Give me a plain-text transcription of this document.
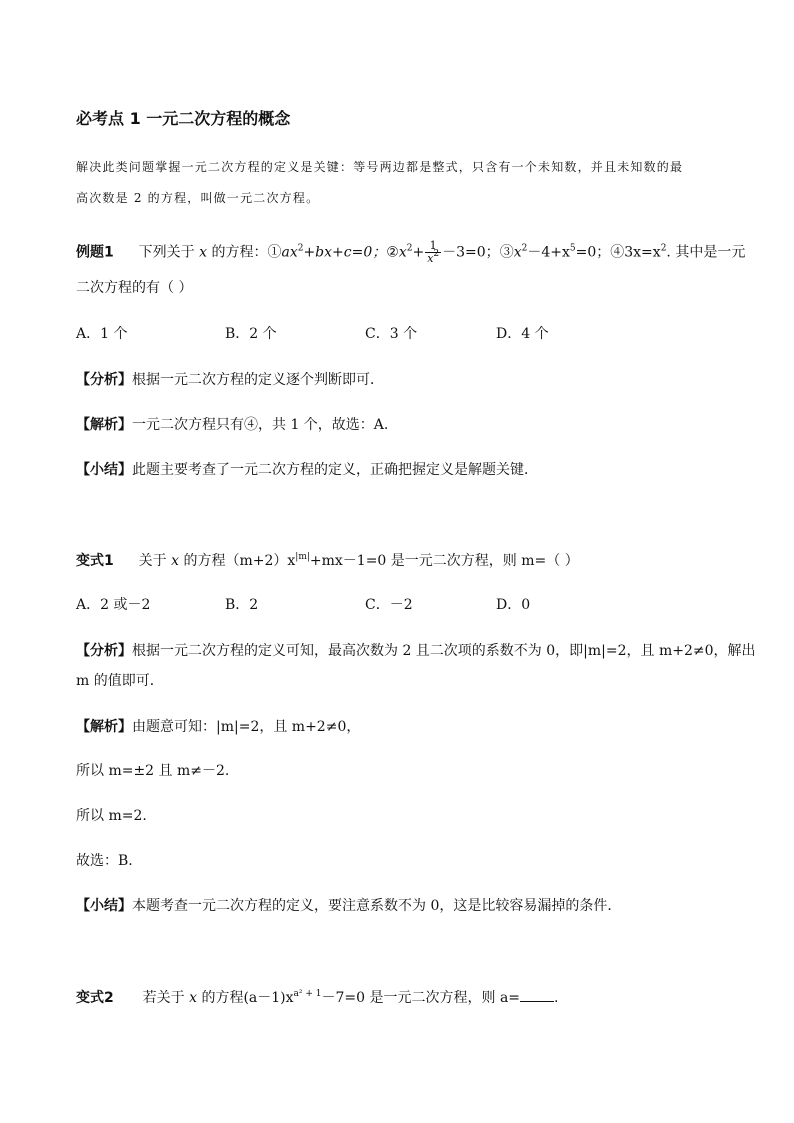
必考点 1 一元二次方程的概念
解决此类问题掌握一元二次方程的定义是关键：等号两边都是整式，只含有一个未知数，并且未知数的最
高次数是 2 的方程，叫做一元二次方程。
例题1 下列关于 x 的方程：$①ax^2+bx+c=0$；$②x^2+ \frac{1}{x^2} -3=0$；$③x^2-4+x^5=0$；$④3x=x^2$. 其中是一元
二次方程的有（ ）
A．1 个	B．2 个	C．3 个	D．4 个
【分析】根据一元二次方程的定义逐个判断即可．
【解析】一元二次方程只有④，共 1 个，故选：A.
【小结】此题主要考查了一元二次方程的定义，正确把握定义是解题关键．
变式1 关于 x 的方程$(m+2)x^{|m|}+mx-1=0$ 是一元二次方程，则 m=（ ）
A．2 或－2	B．2	C．－2	D．0
【分析】根据一元二次方程的定义可知，最高次数为 2 且二次项的系数不为 0，即|m|=2，且 m+2≠0，解出
m 的值即可．
【解析】由题意可知：|m|=2，且 m+2≠0，
所以 m=±2 且 m≠－2.
所以 m=2.
故选：B.
【小结】本题考查一元二次方程的定义，要注意系数不为 0，这是比较容易漏掉的条件．
变式2 若关于 x 的方程$(a-1)x^{a^2 + 1}-7=0$ 是一元二次方程，则 a= .
